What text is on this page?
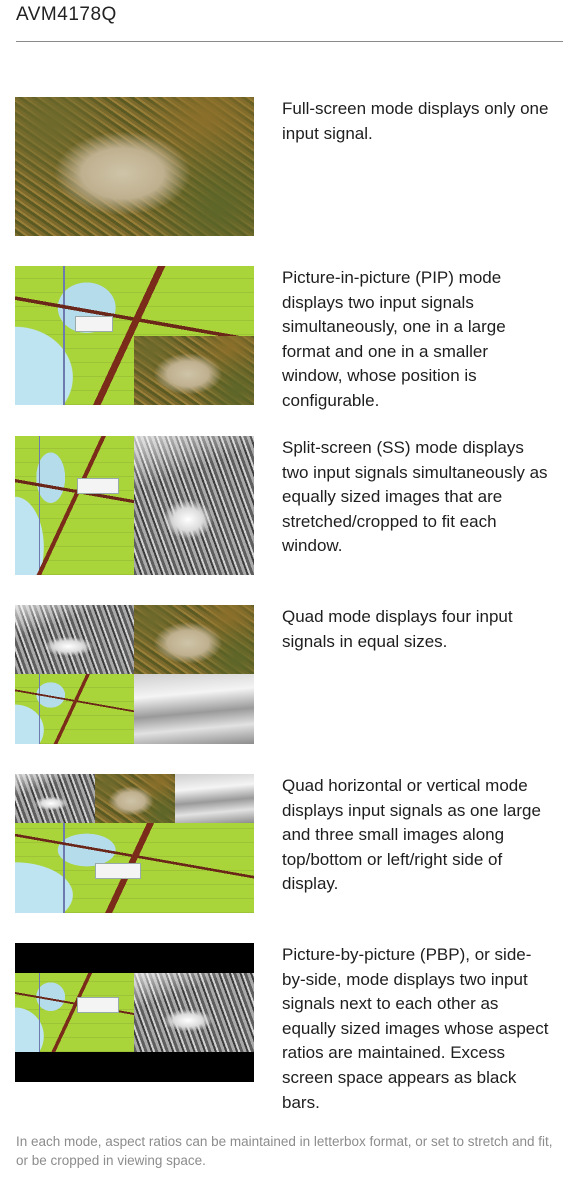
AVM4178Q
Full-screen mode displays only one input signal.
Picture-in-picture (PIP) mode displays two input signals simultaneously, one in a large format and one in a smaller window, whose position is configurable.
Split-screen (SS) mode displays two input signals simultaneously as equally sized images that are stretched/cropped to fit each window.
Quad mode displays four input signals in equal sizes.
Quad horizontal or vertical mode displays input signals as one large and three small images along top/bottom or left/right side of display.
Picture-by-picture (PBP), or side-by-side, mode displays two input signals next to each other as equally sized images whose aspect ratios are maintained. Excess screen space appears as black bars.
In each mode, aspect ratios can be maintained in letterbox format, or set to stretch and fit, or be cropped in viewing space.
